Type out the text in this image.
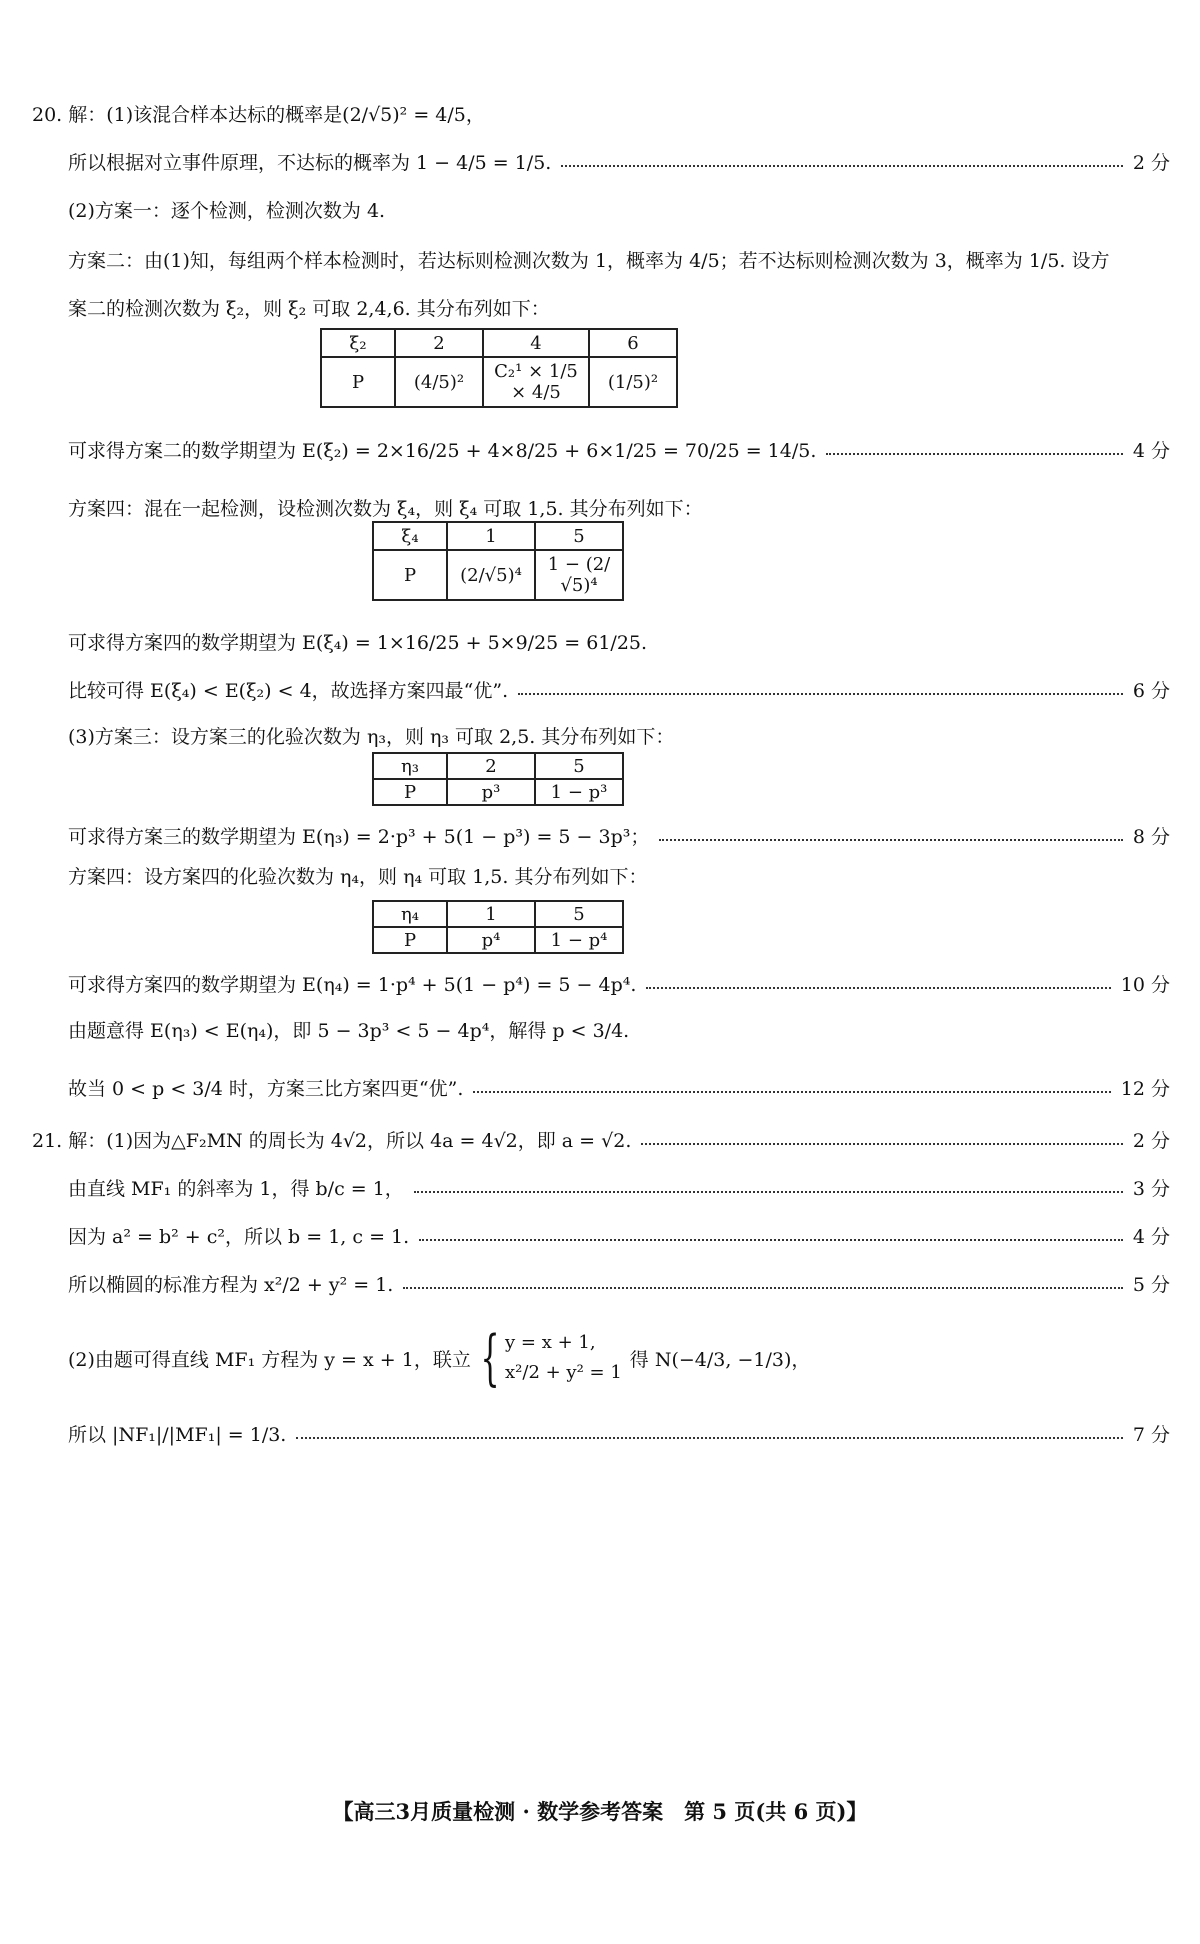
20. 解：(1)该混合样本达标的概率是(2/√5)² = 4/5，
所以根据对立事件原理，不达标的概率为 1 − 4/5 = 1/5.	2 分
(2)方案一：逐个检测，检测次数为 4.
方案二：由(1)知，每组两个样本检测时，若达标则检测次数为 1，概率为 4/5；若不达标则检测次数为 3，概率为 1/5. 设方
案二的检测次数为 ξ₂，则 ξ₂ 可取 2,4,6. 其分布列如下：
ξ₂	2	4	6
P	(4/5)²	C₂¹ × 1/5 × 4/5	(1/5)²
可求得方案二的数学期望为 E(ξ₂) = 2×16/25 + 4×8/25 + 6×1/25 = 70/25 = 14/5.	4 分
方案四：混在一起检测，设检测次数为 ξ₄，则 ξ₄ 可取 1,5. 其分布列如下：
ξ₄	1	5
P	(2/√5)⁴	1 − (2/√5)⁴
可求得方案四的数学期望为 E(ξ₄) = 1×16/25 + 5×9/25 = 61/25.
比较可得 E(ξ₄) < E(ξ₂) < 4，故选择方案四最“优”.	6 分
(3)方案三：设方案三的化验次数为 η₃，则 η₃ 可取 2,5. 其分布列如下：
η₃	2	5
P	p³	1 − p³
可求得方案三的数学期望为 E(η₃) = 2·p³ + 5(1 − p³) = 5 − 3p³；	8 分
方案四：设方案四的化验次数为 η₄，则 η₄ 可取 1,5. 其分布列如下：
η₄	1	5
P	p⁴	1 − p⁴
可求得方案四的数学期望为 E(η₄) = 1·p⁴ + 5(1 − p⁴) = 5 − 4p⁴.	10 分
由题意得 E(η₃) < E(η₄)，即 5 − 3p³ < 5 − 4p⁴，解得 p < 3/4.
故当 0 < p < 3/4 时，方案三比方案四更“优”.	12 分
21. 解：(1)因为△F₂MN 的周长为 4√2，所以 4a = 4√2，即 a = √2.	2 分
由直线 MF₁ 的斜率为 1，得 b/c = 1，	3 分
因为 a² = b² + c²，所以 b = 1, c = 1.	4 分
所以椭圆的标准方程为 x²/2 + y² = 1.	5 分
(2)由题可得直线 MF₁ 方程为 y = x + 1，联立 { y = x + 1,
x²/2 + y² = 1
得 N(−4/3, −1/3)，
所以 |NF₁|/|MF₁| = 1/3.	7 分
【高三3月质量检测 · 数学参考答案　第 5 页(共 6 页)】
